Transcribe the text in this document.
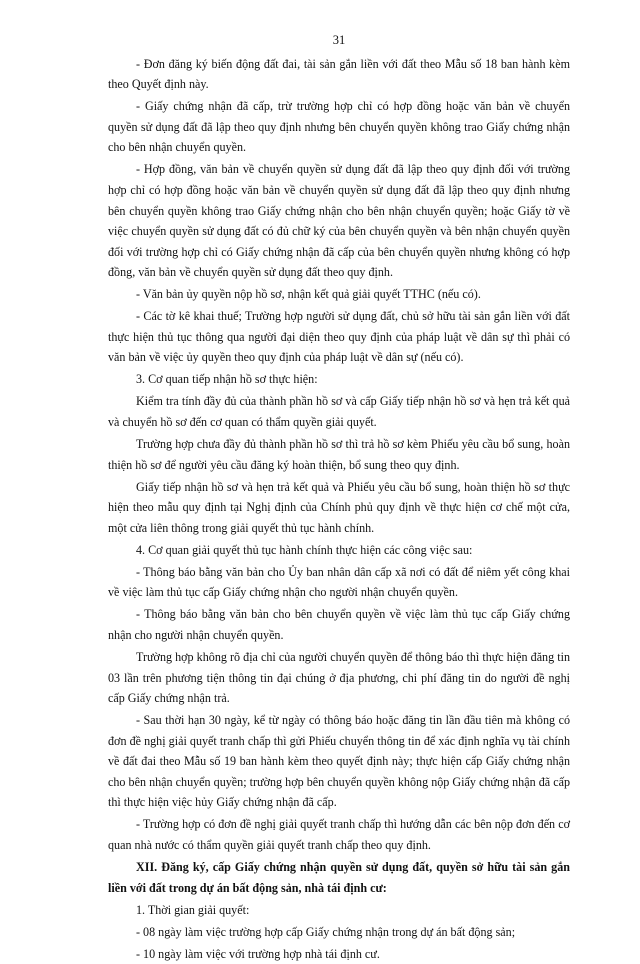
31

- Đơn đăng ký biến động đất đai, tài sản gắn liền với đất theo Mẫu số 18 ban hành kèm theo Quyết định này.

- Giấy chứng nhận đã cấp, trừ trường hợp chỉ có hợp đồng hoặc văn bản về chuyển quyền sử dụng đất đã lập theo quy định nhưng bên chuyển quyền không trao Giấy chứng nhận cho bên nhận chuyển quyền.

- Hợp đồng, văn bản về chuyển quyền sử dụng đất đã lập theo quy định đối với trường hợp chỉ có hợp đồng hoặc văn bản về chuyển quyền sử dụng đất đã lập theo quy định nhưng bên chuyển quyền không trao Giấy chứng nhận cho bên nhận chuyển quyền; hoặc Giấy tờ về việc chuyển quyền sử dụng đất có đủ chữ ký của bên chuyển quyền và bên nhận chuyển quyền đối với trường hợp chỉ có Giấy chứng nhận đã cấp của bên chuyển quyền nhưng không có hợp đồng, văn bản về chuyển quyền sử dụng đất theo quy định.

- Văn bản ủy quyền nộp hồ sơ, nhận kết quả giải quyết TTHC (nếu có).

- Các tờ kê khai thuế; Trường hợp người sử dụng đất, chủ sở hữu tài sản gắn liền với đất thực hiện thủ tục thông qua người đại diện theo quy định của pháp luật về dân sự thì phải có văn bản về việc ủy quyền theo quy định của pháp luật về dân sự (nếu có).

3. Cơ quan tiếp nhận hồ sơ thực hiện:

Kiểm tra tính đầy đủ của thành phần hồ sơ và cấp Giấy tiếp nhận hồ sơ và hẹn trả kết quả và chuyển hồ sơ đến cơ quan có thẩm quyền giải quyết.

Trường hợp chưa đầy đủ thành phần hồ sơ thì trả hồ sơ kèm Phiếu yêu cầu bổ sung, hoàn thiện hồ sơ để người yêu cầu đăng ký hoàn thiện, bổ sung theo quy định.

Giấy tiếp nhận hồ sơ và hẹn trả kết quả và Phiếu yêu cầu bổ sung, hoàn thiện hồ sơ thực hiện theo mẫu quy định tại Nghị định của Chính phủ quy định về thực hiện cơ chế một cửa, một cửa liên thông trong giải quyết thủ tục hành chính.

4. Cơ quan giải quyết thủ tục hành chính thực hiện các công việc sau:

- Thông báo bằng văn bản cho Ủy ban nhân dân cấp xã nơi có đất để niêm yết công khai về việc làm thủ tục cấp Giấy chứng nhận cho người nhận chuyển quyền.

- Thông báo bằng văn bản cho bên chuyển quyền về việc làm thủ tục cấp Giấy chứng nhận cho người nhận chuyển quyền.

Trường hợp không rõ địa chỉ của người chuyển quyền để thông báo thì thực hiện đăng tin 03 lần trên phương tiện thông tin đại chúng ở địa phương, chi phí đăng tin do người đề nghị cấp Giấy chứng nhận trả.

- Sau thời hạn 30 ngày, kể từ ngày có thông báo hoặc đăng tin lần đầu tiên mà không có đơn đề nghị giải quyết tranh chấp thì gửi Phiếu chuyển thông tin để xác định nghĩa vụ tài chính về đất đai theo Mẫu số 19 ban hành kèm theo quyết định này; thực hiện cấp Giấy chứng nhận cho bên nhận chuyển quyền; trường hợp bên chuyển quyền không nộp Giấy chứng nhận đã cấp thì thực hiện việc hủy Giấy chứng nhận đã cấp.

- Trường hợp có đơn đề nghị giải quyết tranh chấp thì hướng dẫn các bên nộp đơn đến cơ quan nhà nước có thẩm quyền giải quyết tranh chấp theo quy định.

XII. Đăng ký, cấp Giấy chứng nhận quyền sử dụng đất, quyền sở hữu tài sản gắn liền với đất trong dự án bất động sản, nhà tái định cư:

1. Thời gian giải quyết:

- 08 ngày làm việc trường hợp cấp Giấy chứng nhận trong dự án bất động sản;

- 10 ngày làm việc với trường hợp nhà tái định cư.
